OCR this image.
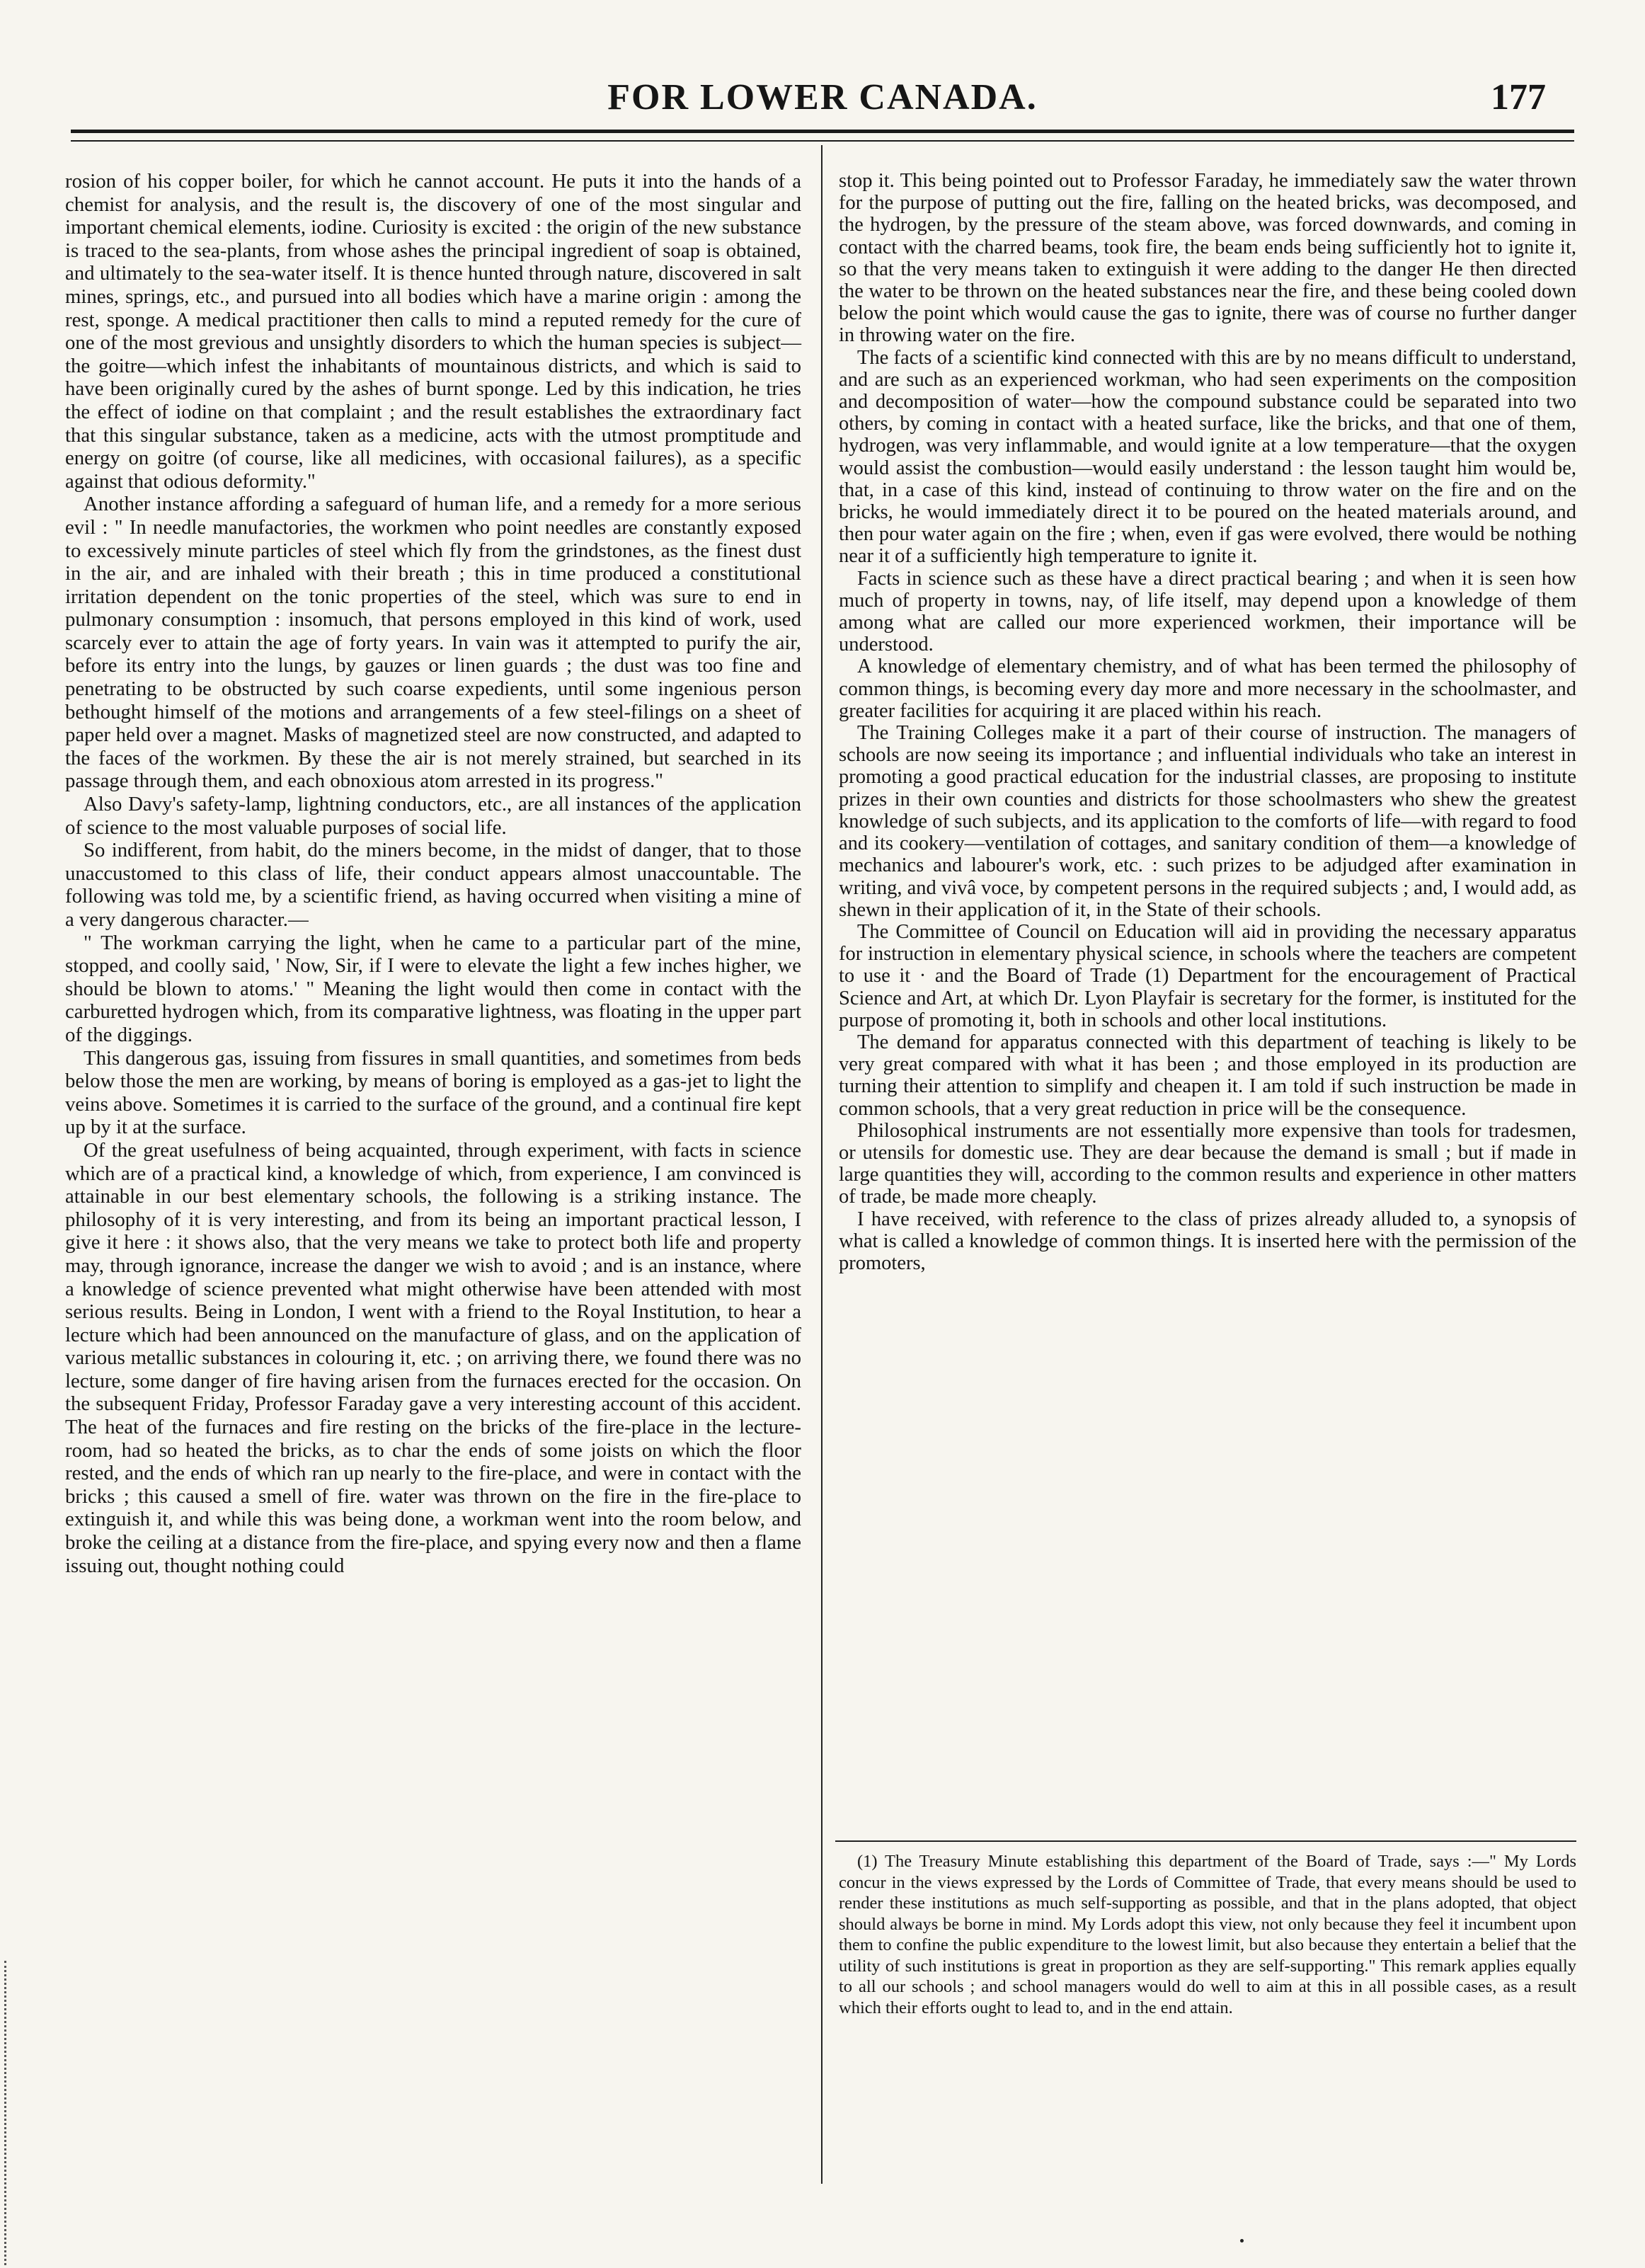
FOR LOWER CANADA.	177

rosion of his copper boiler, for which he cannot account. He puts it into the hands of a chemist for analysis, and the result is, the discovery of one of the most singular and important chemical elements, iodine. Curiosity is excited : the origin of the new substance is traced to the sea-plants, from whose ashes the principal ingredient of soap is obtained, and ultimately to the sea-water itself. It is thence hunted through nature, discovered in salt mines, springs, etc., and pursued into all bodies which have a marine origin : among the rest, sponge. A medical practitioner then calls to mind a reputed remedy for the cure of one of the most grevious and unsightly disorders to which the human species is subject—the goitre—which infest the inhabitants of mountainous districts, and which is said to have been originally cured by the ashes of burnt sponge. Led by this indication, he tries the effect of iodine on that complaint ; and the result establishes the extraordinary fact that this singular substance, taken as a medicine, acts with the utmost promptitude and energy on goitre (of course, like all medicines, with occasional failures), as a specific against that odious deformity."

Another instance affording a safeguard of human life, and a remedy for a more serious evil : " In needle manufactories, the workmen who point needles are constantly exposed to excessively minute particles of steel which fly from the grindstones, as the finest dust in the air, and are inhaled with their breath ; this in time produced a constitutional irritation dependent on the tonic properties of the steel, which was sure to end in pulmonary consumption : insomuch, that persons employed in this kind of work, used scarcely ever to attain the age of forty years. In vain was it attempted to purify the air, before its entry into the lungs, by gauzes or linen guards ; the dust was too fine and penetrating to be obstructed by such coarse expedients, until some ingenious person bethought himself of the motions and arrangements of a few steel-filings on a sheet of paper held over a magnet. Masks of magnetized steel are now constructed, and adapted to the faces of the workmen. By these the air is not merely strained, but searched in its passage through them, and each obnoxious atom arrested in its progress."

Also Davy's safety-lamp, lightning conductors, etc., are all instances of the application of science to the most valuable purposes of social life.

So indifferent, from habit, do the miners become, in the midst of danger, that to those unaccustomed to this class of life, their conduct appears almost unaccountable. The following was told me, by a scientific friend, as having occurred when visiting a mine of a very dangerous character.—

" The workman carrying the light, when he came to a particular part of the mine, stopped, and coolly said, ' Now, Sir, if I were to elevate the light a few inches higher, we should be blown to atoms.' " Meaning the light would then come in contact with the carburetted hydrogen which, from its comparative lightness, was floating in the upper part of the diggings.

This dangerous gas, issuing from fissures in small quantities, and sometimes from beds below those the men are working, by means of boring is employed as a gas-jet to light the veins above. Sometimes it is carried to the surface of the ground, and a continual fire kept up by it at the surface.

Of the great usefulness of being acquainted, through experiment, with facts in science which are of a practical kind, a knowledge of which, from experience, I am convinced is attainable in our best elementary schools, the following is a striking instance. The philosophy of it is very interesting, and from its being an important practical lesson, I give it here : it shows also, that the very means we take to protect both life and property may, through ignorance, increase the danger we wish to avoid ; and is an instance, where a knowledge of science prevented what might otherwise have been attended with most serious results. Being in London, I went with a friend to the Royal Institution, to hear a lecture which had been announced on the manufacture of glass, and on the application of various metallic substances in colouring it, etc. ; on arriving there, we found there was no lecture, some danger of fire having arisen from the furnaces erected for the occasion. On the subsequent Friday, Professor Faraday gave a very interesting account of this accident. The heat of the furnaces and fire resting on the bricks of the fire-place in the lecture-room, had so heated the bricks, as to char the ends of some joists on which the floor rested, and the ends of which ran up nearly to the fire-place, and were in contact with the bricks ; this caused a smell of fire. water was thrown on the fire in the fire-place to extinguish it, and while this was being done, a workman went into the room below, and broke the ceiling at a distance from the fire-place, and spying every now and then a flame issuing out, thought nothing could

stop it. This being pointed out to Professor Faraday, he immediately saw the water thrown for the purpose of putting out the fire, falling on the heated bricks, was decomposed, and the hydrogen, by the pressure of the steam above, was forced downwards, and coming in contact with the charred beams, took fire, the beam ends being sufficiently hot to ignite it, so that the very means taken to extinguish it were adding to the danger He then directed the water to be thrown on the heated substances near the fire, and these being cooled down below the point which would cause the gas to ignite, there was of course no further danger in throwing water on the fire.

The facts of a scientific kind connected with this are by no means difficult to understand, and are such as an experienced workman, who had seen experiments on the composition and decomposition of water—how the compound substance could be separated into two others, by coming in contact with a heated surface, like the bricks, and that one of them, hydrogen, was very inflammable, and would ignite at a low temperature—that the oxygen would assist the combustion—would easily understand : the lesson taught him would be, that, in a case of this kind, instead of continuing to throw water on the fire and on the bricks, he would immediately direct it to be poured on the heated materials around, and then pour water again on the fire ; when, even if gas were evolved, there would be nothing near it of a sufficiently high temperature to ignite it.

Facts in science such as these have a direct practical bearing ; and when it is seen how much of property in towns, nay, of life itself, may depend upon a knowledge of them among what are called our more experienced workmen, their importance will be understood.

A knowledge of elementary chemistry, and of what has been termed the philosophy of common things, is becoming every day more and more necessary in the schoolmaster, and greater facilities for acquiring it are placed within his reach.

The Training Colleges make it a part of their course of instruction. The managers of schools are now seeing its importance ; and influential individuals who take an interest in promoting a good practical education for the industrial classes, are proposing to institute prizes in their own counties and districts for those schoolmasters who shew the greatest knowledge of such subjects, and its application to the comforts of life—with regard to food and its cookery—ventilation of cottages, and sanitary condition of them—a knowledge of mechanics and labourer's work, etc. : such prizes to be adjudged after examination in writing, and vivâ voce, by competent persons in the required subjects ; and, I would add, as shewn in their application of it, in the State of their schools.

The Committee of Council on Education will aid in providing the necessary apparatus for instruction in elementary physical science, in schools where the teachers are competent to use it · and the Board of Trade (1) Department for the encouragement of Practical Science and Art, at which Dr. Lyon Playfair is secretary for the former, is instituted for the purpose of promoting it, both in schools and other local institutions.

The demand for apparatus connected with this department of teaching is likely to be very great compared with what it has been ; and those employed in its production are turning their attention to simplify and cheapen it. I am told if such instruction be made in common schools, that a very great reduction in price will be the consequence.

Philosophical instruments are not essentially more expensive than tools for tradesmen, or utensils for domestic use. They are dear because the demand is small ; but if made in large quantities they will, according to the common results and experience in other matters of trade, be made more cheaply.

I have received, with reference to the class of prizes already alluded to, a synopsis of what is called a knowledge of common things. It is inserted here with the permission of the promoters,

(1) The Treasury Minute establishing this department of the Board of Trade, says :—" My Lords concur in the views expressed by the Lords of Committee of Trade, that every means should be used to render these institutions as much self-supporting as possible, and that in the plans adopted, that object should always be borne in mind. My Lords adopt this view, not only because they feel it incumbent upon them to confine the public expenditure to the lowest limit, but also because they entertain a belief that the utility of such institutions is great in proportion as they are self-supporting." This remark applies equally to all our schools ; and school managers would do well to aim at this in all possible cases, as a result which their efforts ought to lead to, and in the end attain.
